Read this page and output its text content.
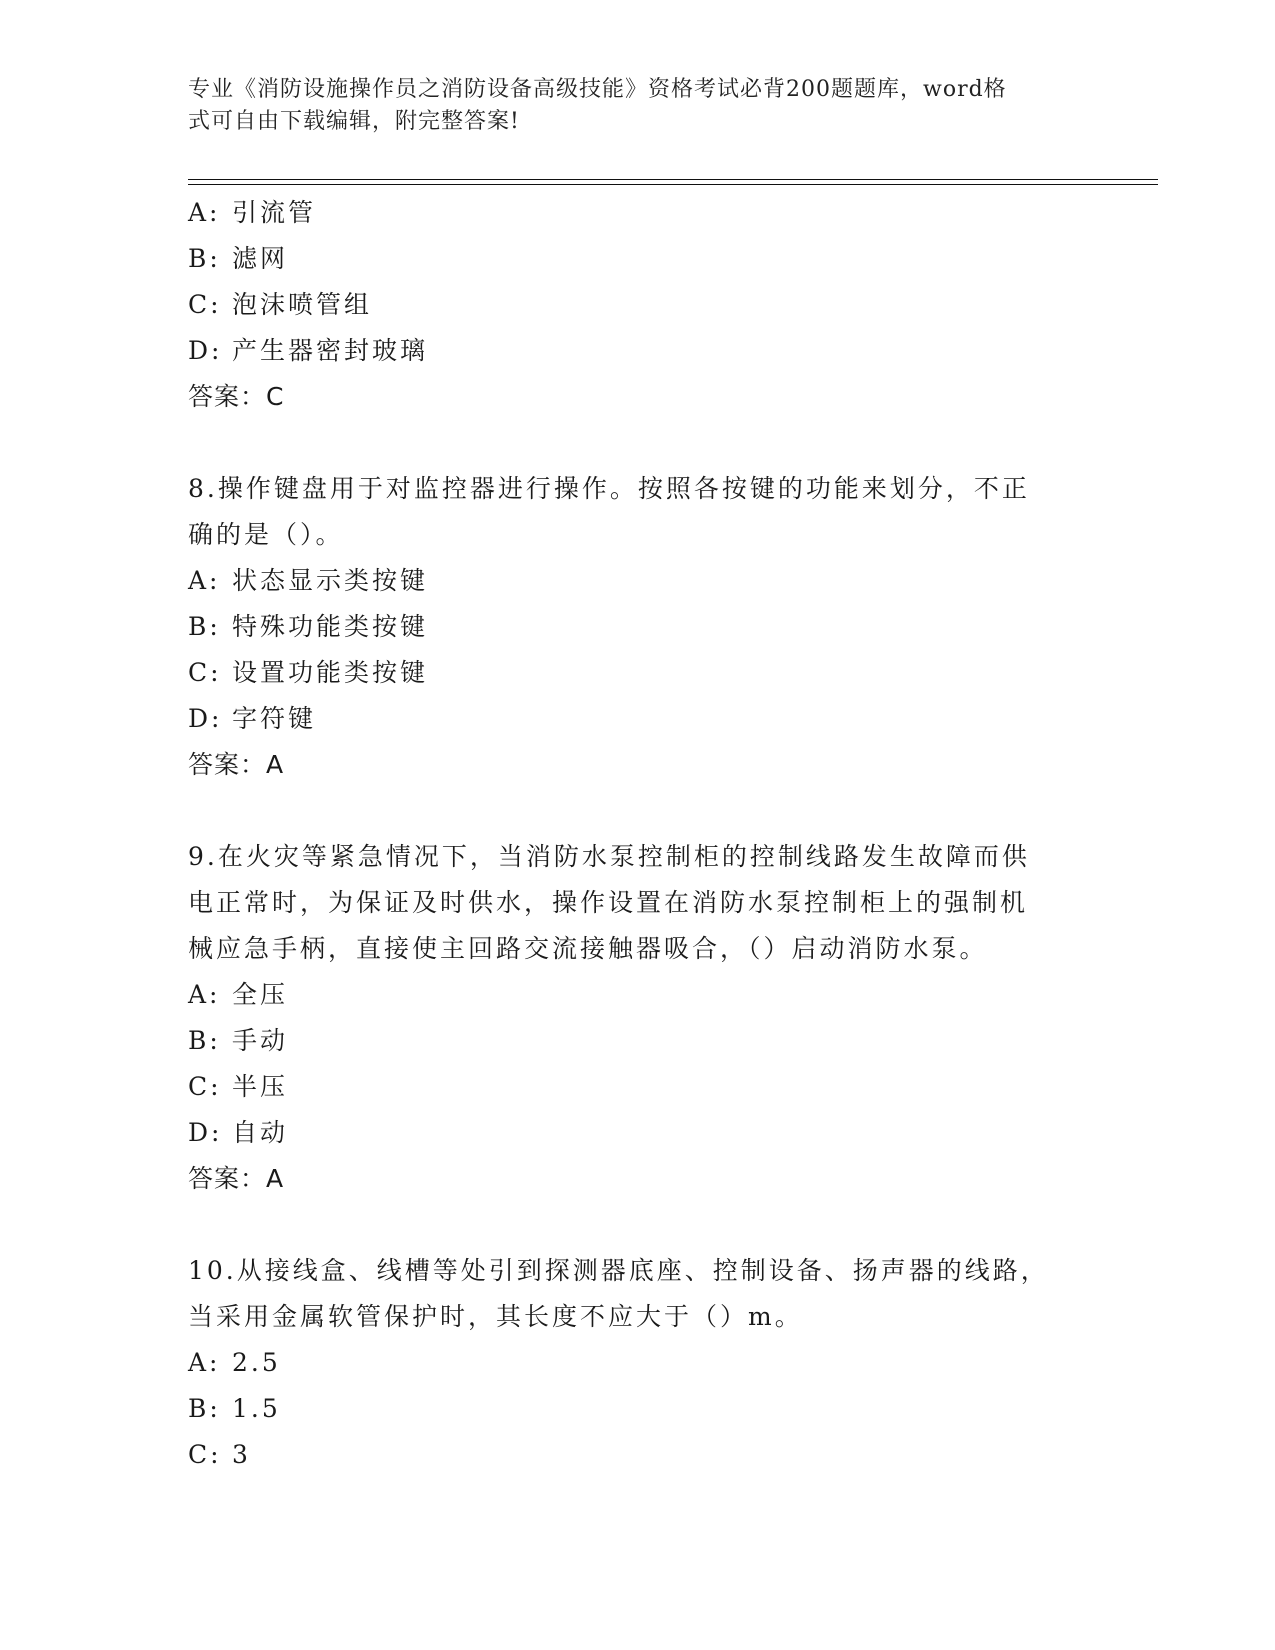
专业《消防设施操作员之消防设备高级技能》资格考试必背200题题库，word格
式可自由下载编辑，附完整答案!
A: 引流管
B: 滤网
C: 泡沫喷管组
D: 产生器密封玻璃
答案：C
8.操作键盘用于对监控器进行操作。按照各按键的功能来划分，不正
确的是（）。
A: 状态显示类按键
B: 特殊功能类按键
C: 设置功能类按键
D: 字符键
答案：A
9.在火灾等紧急情况下，当消防水泵控制柜的控制线路发生故障而供
电正常时，为保证及时供水，操作设置在消防水泵控制柜上的强制机
械应急手柄，直接使主回路交流接触器吸合，（）启动消防水泵。
A: 全压
B: 手动
C: 半压
D: 自动
答案：A
10.从接线盒、线槽等处引到探测器底座、控制设备、扬声器的线路，
当采用金属软管保护时，其长度不应大于（）m。
A: 2.5
B: 1.5
C: 3
